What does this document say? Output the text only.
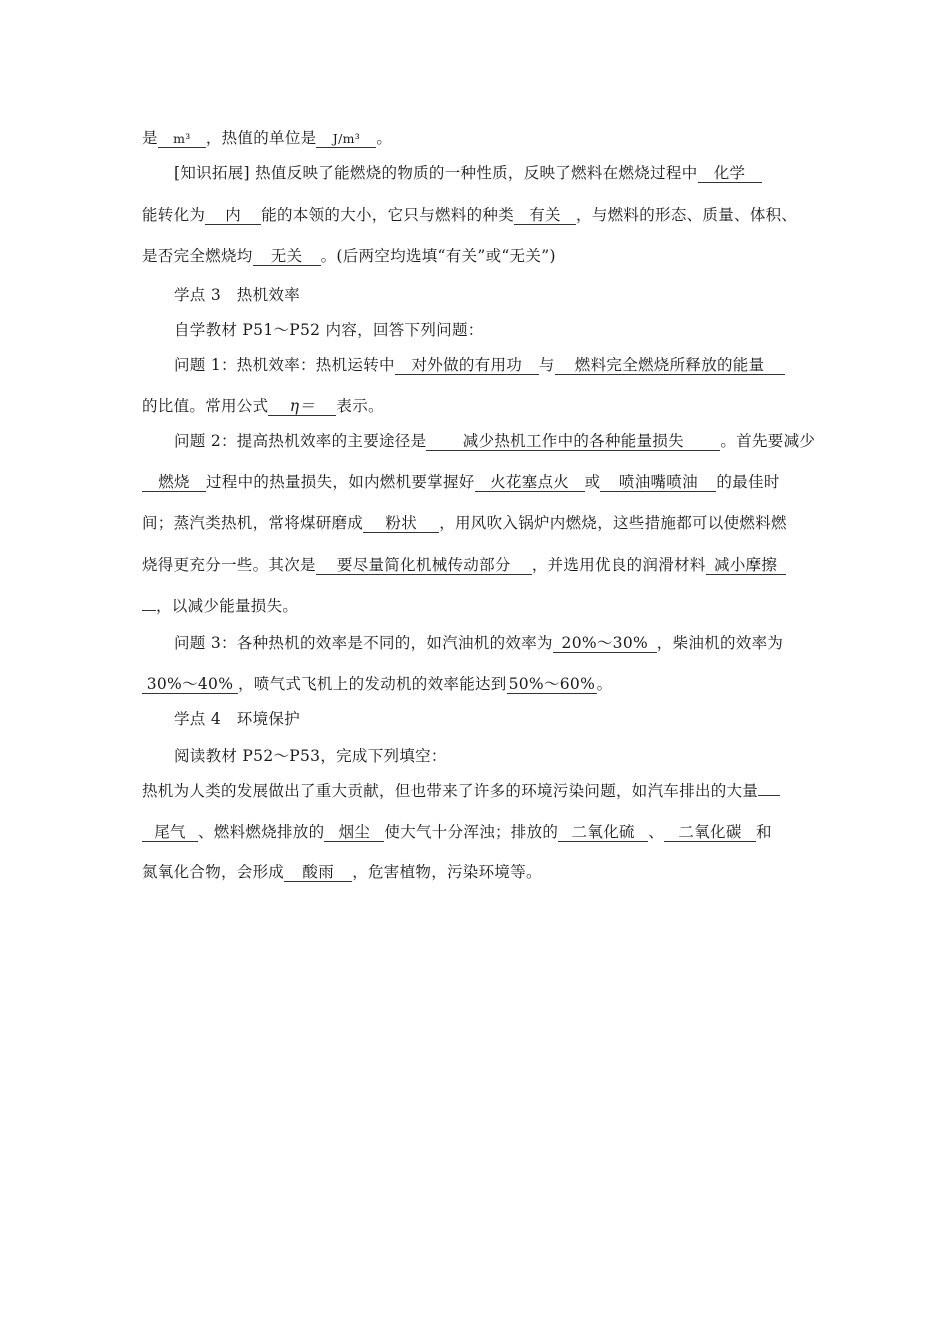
是 m³ ，热值的单位是 J/m³ 。
[知识拓展] 热值反映了能燃烧的物质的一种性质，反映了燃料在燃烧过程中 化学
能转化为 内 能的本领的大小，它只与燃料的种类 有关 ，与燃料的形态、质量、体积、
是否完全燃烧均 无关 。(后两空均选填“有关”或“无关”)
学点 3　热机效率
自学教材 P51～P52 内容，回答下列问题：
问题 1：热机效率：热机运转中 对外做的有用功 与 燃料完全燃烧所释放的能量
的比值。常用公式 η＝ 表示。
问题 2：提高热机效率的主要途径是 减少热机工作中的各种能量损失 。首先要减少
燃烧 过程中的热量损失，如内燃机要掌握好 火花塞点火 或 喷油嘴喷油 的最佳时
间；蒸汽类热机，常将煤研磨成 粉状 ，用风吹入锅炉内燃烧，这些措施都可以使燃料燃
烧得更充分一些。其次是 要尽量简化机械传动部分 ，并选用优良的润滑材料 减小摩擦
，以减少能量损失。
问题 3：各种热机的效率是不同的，如汽油机的效率为 20%～30% ，柴油机的效率为
30%～40% ，喷气式飞机上的发动机的效率能达到 50%～60%。
学点 4　环境保护
阅读教材 P52～P53，完成下列填空：
热机为人类的发展做出了重大贡献，但也带来了许多的环境污染问题，如汽车排出的大量
尾气 、燃料燃烧排放的 烟尘 使大气十分浑浊；排放的 二氧化硫 、 二氧化碳 和
氮氧化合物，会形成 酸雨 ，危害植物，污染环境等。
